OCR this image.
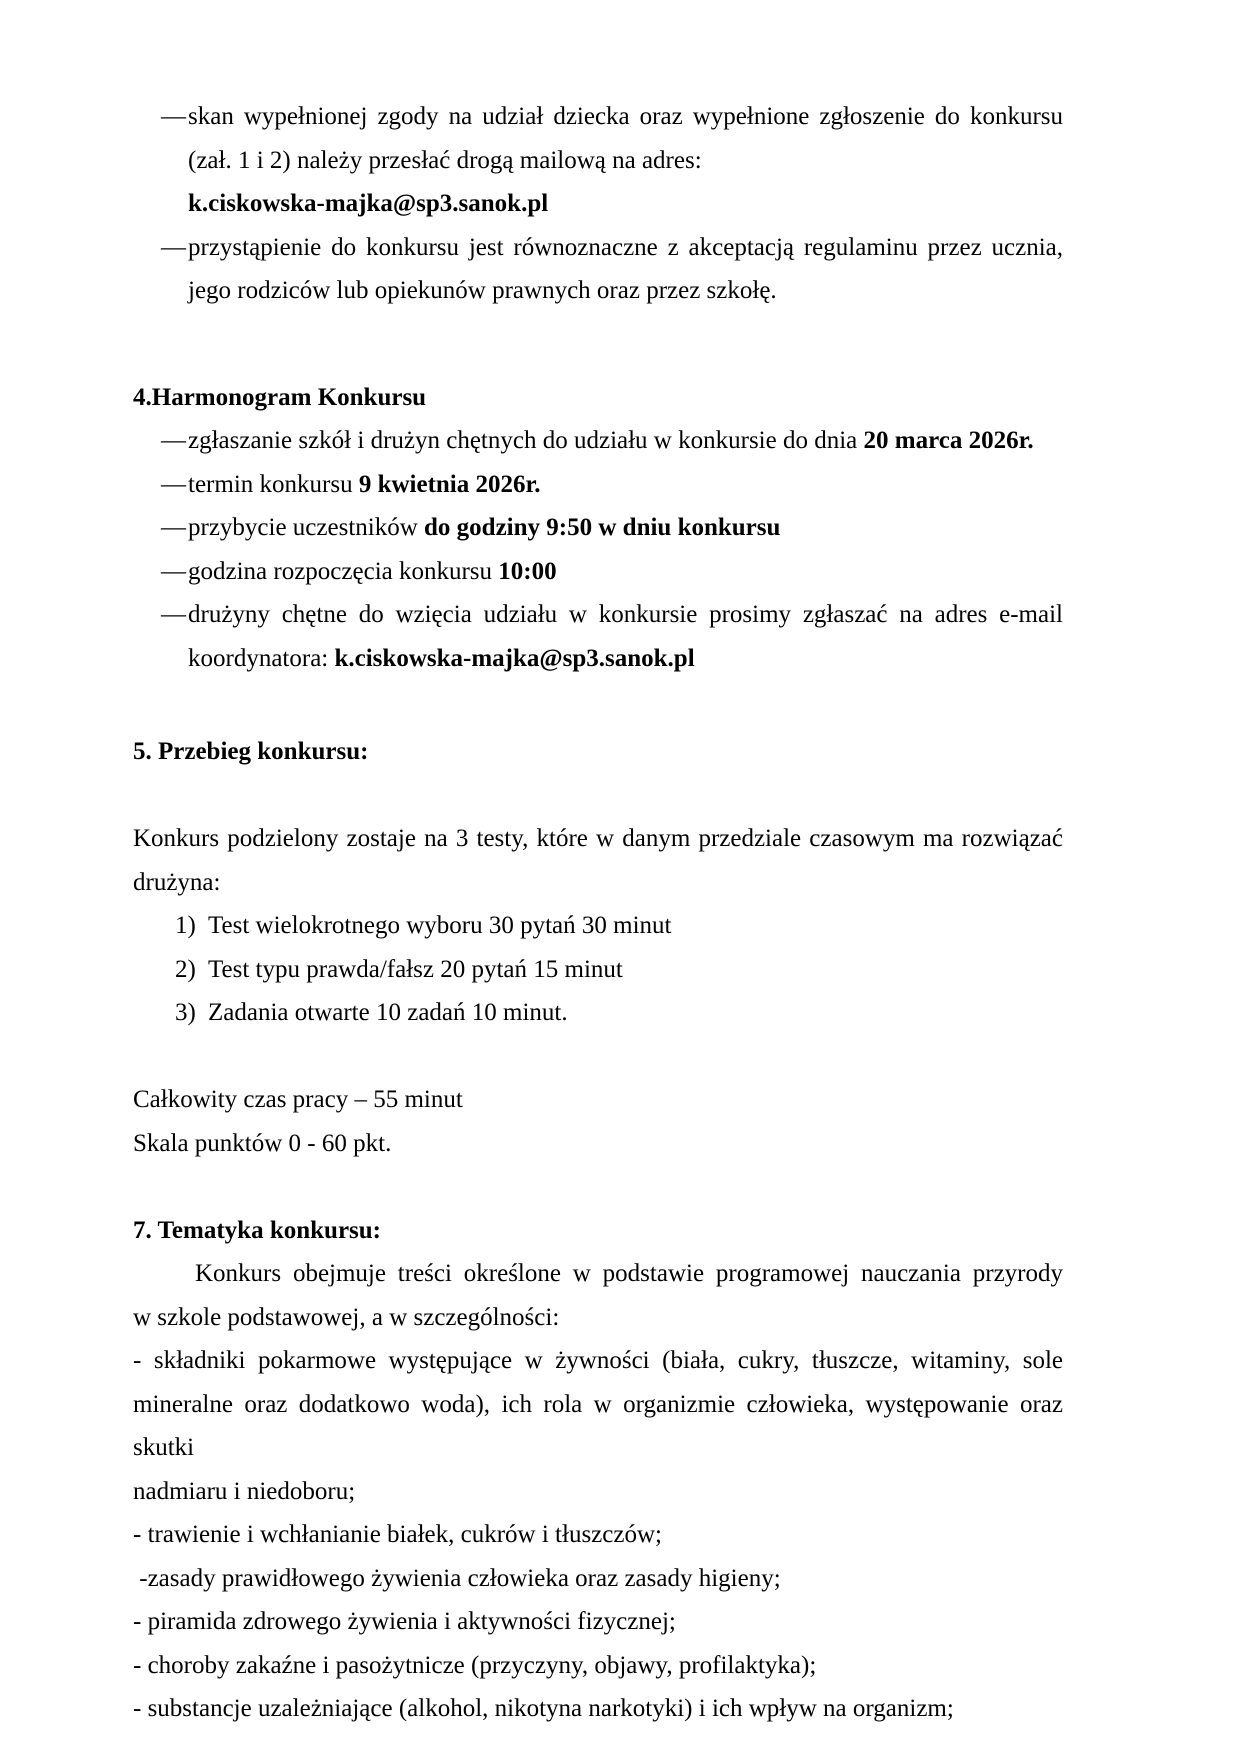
— skan wypełnionej zgody na udział dziecka oraz wypełnione zgłoszenie do konkursu
(zał. 1 i 2) należy przesłać drogą mailową na adres:
k.ciskowska-majka@sp3.sanok.pl
— przystąpienie do konkursu jest równoznaczne z akceptacją regulaminu przez ucznia,
jego rodziców lub opiekunów prawnych oraz przez szkołę.
4.Harmonogram Konkursu
— zgłaszanie szkół i drużyn chętnych do udziału w konkursie do dnia 20 marca 2026r.
— termin konkursu 9 kwietnia 2026r.
— przybycie uczestników do godziny 9:50 w dniu konkursu
— godzina rozpoczęcia konkursu 10:00
— drużyny chętne do wzięcia udziału w konkursie prosimy zgłaszać na adres e-mail
koordynatora: k.ciskowska-majka@sp3.sanok.pl
5. Przebieg konkursu:
Konkurs podzielony zostaje na 3 testy, które w danym przedziale czasowym ma rozwiązać
drużyna:
1) Test wielokrotnego wyboru 30 pytań 30 minut
2) Test typu prawda/fałsz 20 pytań 15 minut
3) Zadania otwarte 10 zadań 10 minut.
Całkowity czas pracy – 55 minut
Skala punktów 0 - 60 pkt.
7. Tematyka konkursu:
Konkurs obejmuje treści określone w podstawie programowej nauczania przyrody
w szkole podstawowej, a w szczególności:
- składniki pokarmowe występujące w żywności (biała, cukry, tłuszcze, witaminy, sole
mineralne oraz dodatkowo woda), ich rola w organizmie człowieka, występowanie oraz skutki
nadmiaru i niedoboru;
- trawienie i wchłanianie białek, cukrów i tłuszczów;
-zasady prawidłowego żywienia człowieka oraz zasady higieny;
- piramida zdrowego żywienia i aktywności fizycznej;
- choroby zakaźne i pasożytnicze (przyczyny, objawy, profilaktyka);
- substancje uzależniające (alkohol, nikotyna narkotyki) i ich wpływ na organizm;
